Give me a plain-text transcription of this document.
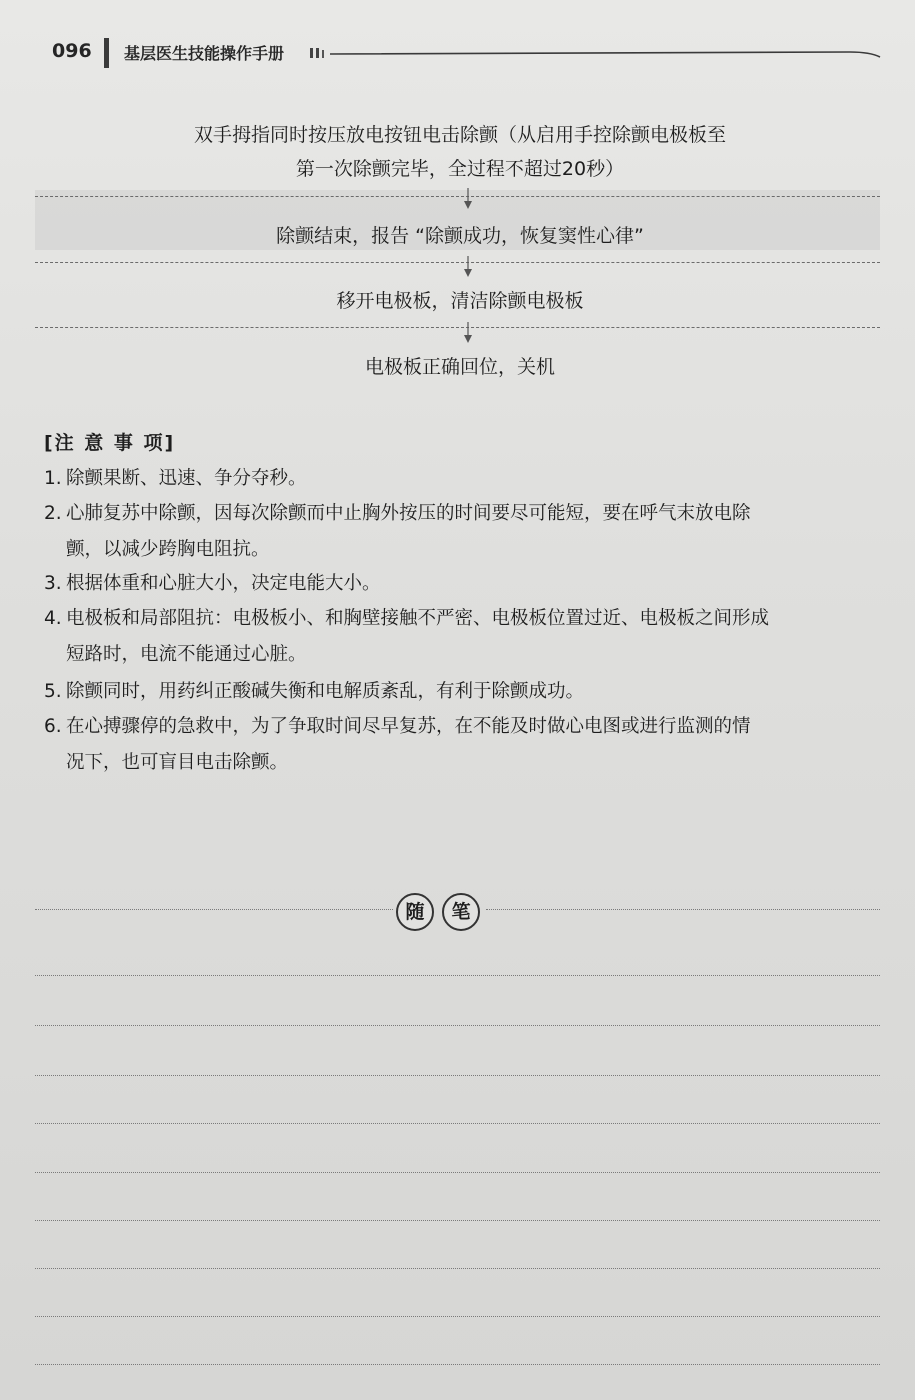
096 基层医生技能操作手册
双手拇指同时按压放电按钮电击除颤（从启用手控除颤电极板至
第一次除颤完毕，全过程不超过20秒）
除颤结束，报告 “除颤成功，恢复窦性心律”
移开电极板，清洁除颤电极板
电极板正确回位，关机
[注 意 事 项]
1. 除颤果断、迅速、争分夺秒。
2. 心肺复苏中除颤，因每次除颤而中止胸外按压的时间要尽可能短，要在呼气末放电除
颤，以减少跨胸电阻抗。
3. 根据体重和心脏大小，决定电能大小。
4. 电极板和局部阻抗：电极板小、和胸壁接触不严密、电极板位置过近、电极板之间形成
短路时，电流不能通过心脏。
5. 除颤同时，用药纠正酸碱失衡和电解质紊乱，有利于除颤成功。
6. 在心搏骤停的急救中，为了争取时间尽早复苏，在不能及时做心电图或进行监测的情
况下，也可盲目电击除颤。
随	笔
